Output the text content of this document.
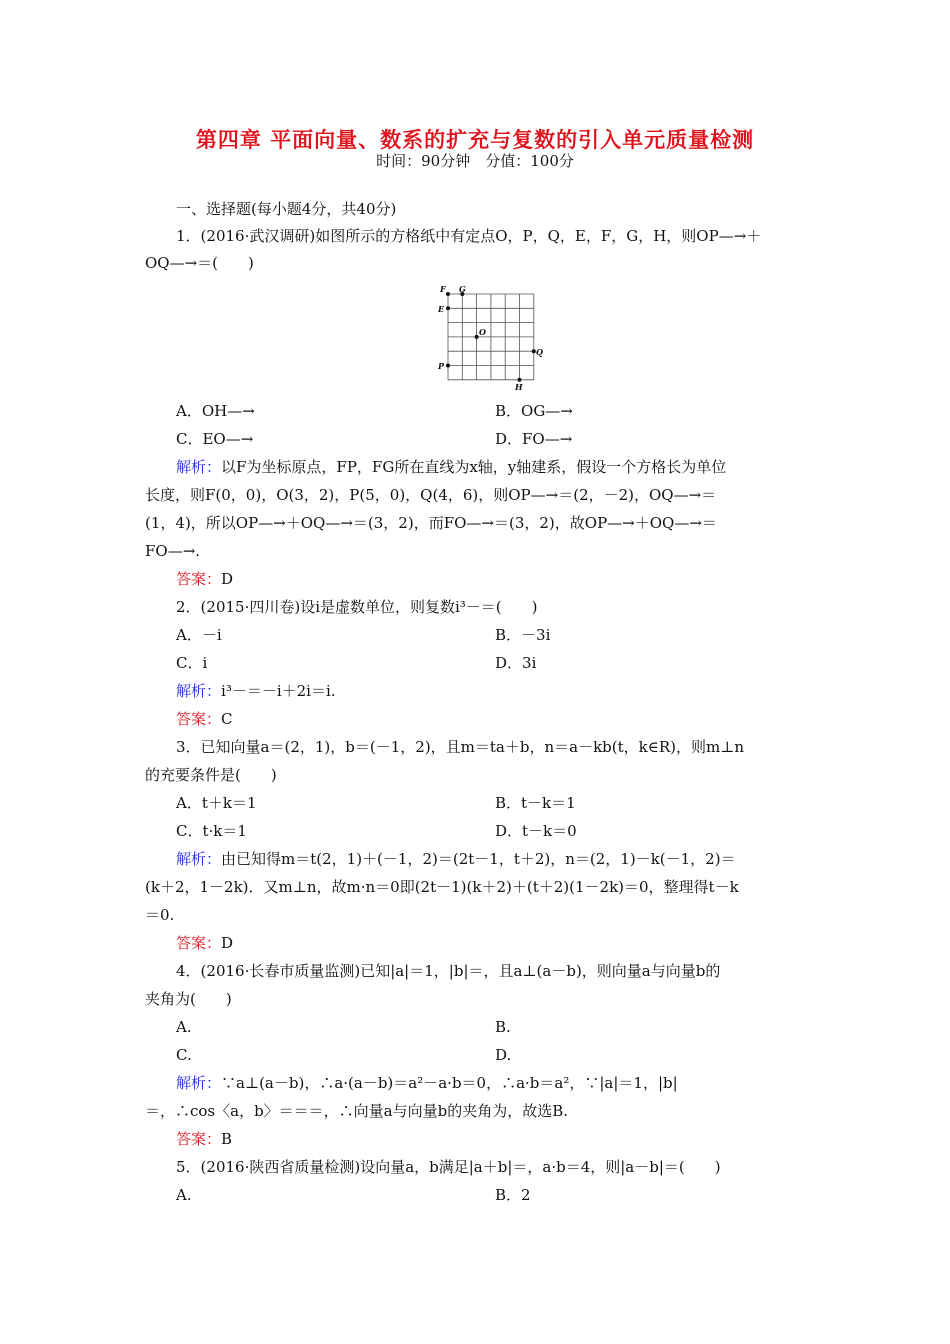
第四章 平面向量、数系的扩充与复数的引入单元质量检测
时间：90分钟　分值：100分
一、选择题(每小题4分，共40分)
1．(2016·武汉调研)如图所示的方格纸中有定点O，P，Q，E，F，G，H，则OP—→＋
OQ—→＝(　　)
F G
E
O
Q
P
H
A．OH—→	B．OG—→
C．EO—→	D．FO—→
解析：以F为坐标原点，FP，FG所在直线为x轴，y轴建系，假设一个方格长为单位
长度，则F(0，0)，O(3，2)，P(5，0)，Q(4，6)，则OP—→＝(2，－2)，OQ—→＝
(1，4)，所以OP—→＋OQ—→＝(3，2)，而FO—→＝(3，2)，故OP—→＋OQ—→＝
FO—→.
答案：D
2．(2015·四川卷)设i是虚数单位，则复数i³－＝(　　)
A．－i	B．－3i
C．i	D．3i
解析：i³－＝－i＋2i＝i.
答案：C
3．已知向量a＝(2，1)，b＝(－1，2)，且m＝ta＋b，n＝a－kb(t，k∈R)，则m⊥n
的充要条件是(　　)
A．t＋k＝1	B．t－k＝1
C．t·k＝1	D．t－k＝0
解析：由已知得m＝t(2，1)＋(－1，2)＝(2t－1，t＋2)，n＝(2，1)－k(－1，2)＝
(k＋2，1－2k)．又m⊥n，故m·n＝0即(2t－1)(k＋2)＋(t＋2)(1－2k)＝0，整理得t－k
＝0.
答案：D
4．(2016·长春市质量监测)已知|a|＝1，|b|＝，且a⊥(a－b)，则向量a与向量b的
夹角为(　　)
A.	B.
C.	D.
解析：∵a⊥(a－b)，∴a·(a－b)＝a²－a·b＝0，∴a·b＝a²，∵|a|＝1，|b|
＝，∴cos〈a，b〉＝＝＝，∴向量a与向量b的夹角为，故选B.
答案：B
5．(2016·陕西省质量检测)设向量a，b满足|a＋b|＝，a·b＝4，则|a－b|＝(　　)
A.	B．2
